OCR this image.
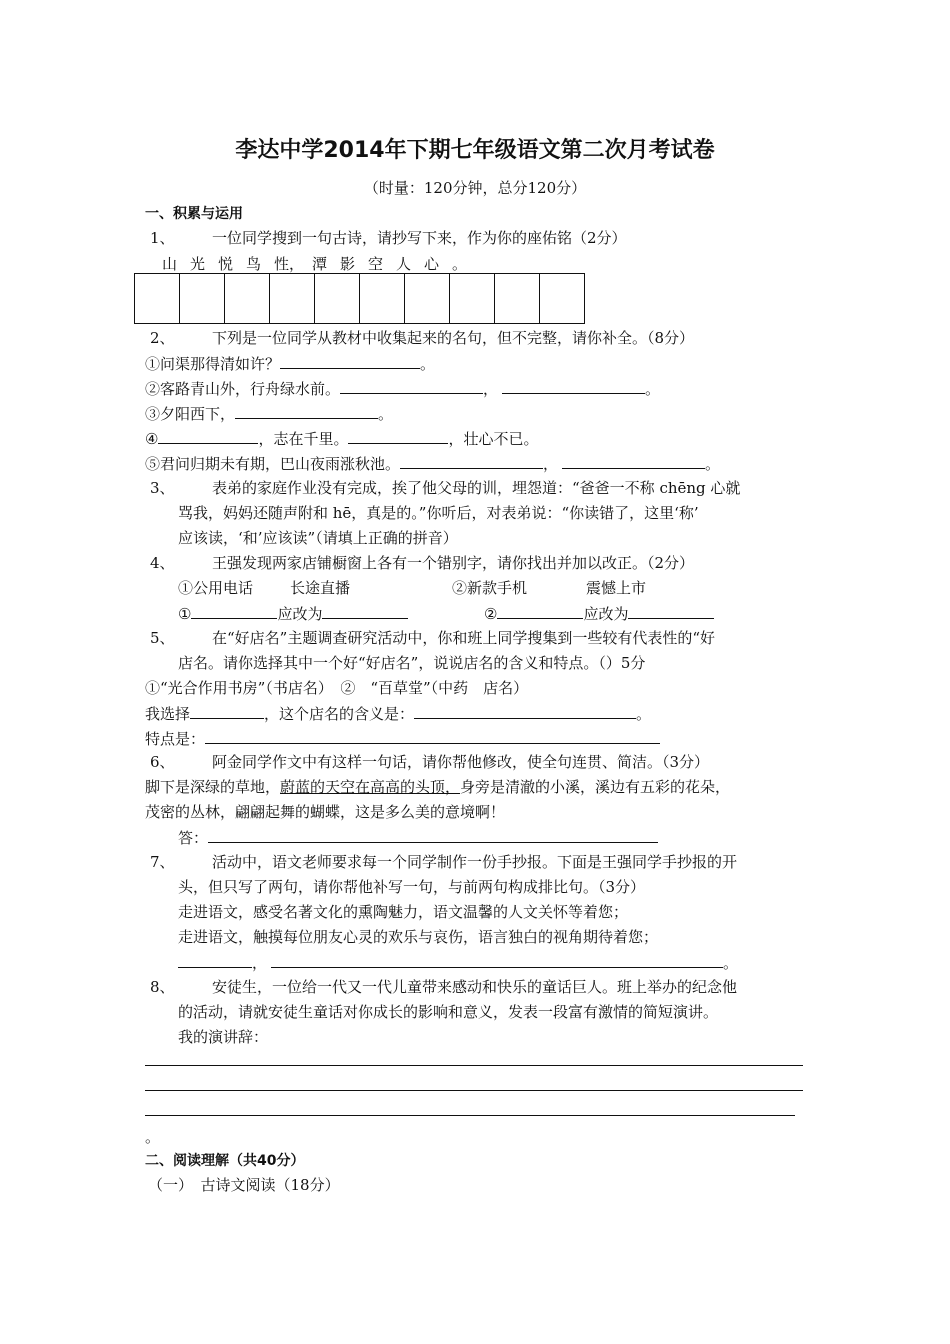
李达中学2014年下期七年级语文第二次月考试卷
（时量：120分钟，总分120分）
一、积累与运用
1、 一位同学搜到一句古诗，请抄写下来，作为你的座佑铭（2分）
山 光 悦 鸟 性， 潭 影 空 人 心 。
2、 下列是一位同学从教材中收集起来的名句，但不完整，请你补全。（8分）
①问渠那得清如许？	。
②客路青山外，行舟绿水前。	，	。
③夕阳西下，	。
④	，志在千里。	，壮心不已。
⑤君问归期未有期，巴山夜雨涨秋池。	，	。
3、 表弟的家庭作业没有完成，挨了他父母的训，埋怨道：“爸爸一不称 chēng 心就
骂我，妈妈还随声附和 hē，真是的。”你听后，对表弟说：“你读错了，这里‘称’
应该读，‘和’应该读”（请填上正确的拼音）
4、 王强发现两家店铺橱窗上各有一个错别字，请你找出并加以改正。（2分）
①公用电话 长途直播	②新款手机	震憾上市
①	应改为	②	应改为
5、 在“好店名”主题调查研究活动中，你和班上同学搜集到一些较有代表性的“好
店名。请你选择其中一个好“好店名”，说说店名的含义和特点。（）5分
①“光合作用书房”（书店名）　②　“百草堂”（中药　店名）
我选择	，这个店名的含义是：	。
特点是：
6、 阿金同学作文中有这样一句话，请你帮他修改，使全句连贯、简洁。（3分）
脚下是深绿的草地，蔚蓝的天空在高高的头顶，身旁是清澈的小溪，溪边有五彩的花朵，
茂密的丛林，翩翩起舞的蝴蝶，这是多么美的意境啊！
答：
7、 活动中，语文老师要求每一个同学制作一份手抄报。下面是王强同学手抄报的开
头，但只写了两句，请你帮他补写一句，与前两句构成排比句。（3分）
走进语文，感受名著文化的熏陶魅力，语文温馨的人文关怀等着您；
走进语文，触摸每位朋友心灵的欢乐与哀伤，语言独白的视角期待着您；
，	。
8、 安徒生，一位给一代又一代儿童带来感动和快乐的童话巨人。班上举办的纪念他
的活动，请就安徒生童话对你成长的影响和意义，发表一段富有激情的简短演讲。
我的演讲辞：
。
二、阅读理解（共40分）
（一）　古诗文阅读（18分）
